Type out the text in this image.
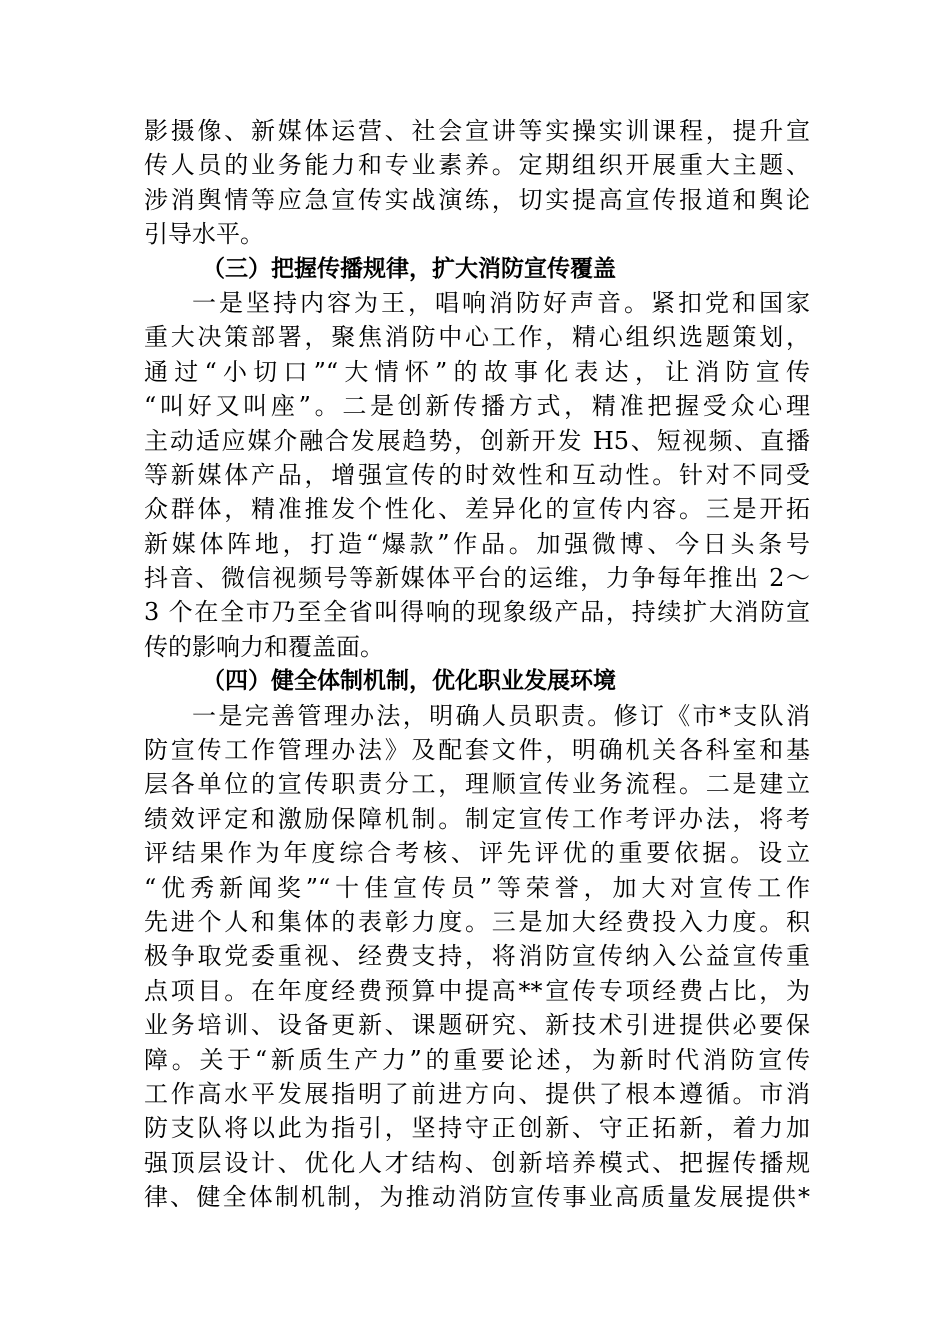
影摄像、新媒体运营、社会宣讲等实操实训课程，提升宣
传人员的业务能力和专业素养。定期组织开展重大主题、
涉消舆情等应急宣传实战演练，切实提高宣传报道和舆论
引导水平。
（三）把握传播规律，扩大消防宣传覆盖
一是坚持内容为王，唱响消防好声音。紧扣党和国家
重大决策部署，聚焦消防中心工作，精心组织选题策划，
通过“小切口”“大情怀”的故事化表达，让消防宣传
“叫好又叫座”。二是创新传播方式，精准把握受众心理
主动适应媒介融合发展趋势，创新开发 H5、短视频、直播
等新媒体产品，增强宣传的时效性和互动性。针对不同受
众群体，精准推发个性化、差异化的宣传内容。三是开拓
新媒体阵地，打造“爆款”作品。加强微博、今日头条号
抖音、微信视频号等新媒体平台的运维，力争每年推出 2～
3 个在全市乃至全省叫得响的现象级产品，持续扩大消防宣
传的影响力和覆盖面。
（四）健全体制机制，优化职业发展环境
一是完善管理办法，明确人员职责。修订《市*支队消
防宣传工作管理办法》及配套文件，明确机关各科室和基
层各单位的宣传职责分工，理顺宣传业务流程。二是建立
绩效评定和激励保障机制。制定宣传工作考评办法，将考
评结果作为年度综合考核、评先评优的重要依据。设立
“优秀新闻奖”“十佳宣传员”等荣誉，加大对宣传工作
先进个人和集体的表彰力度。三是加大经费投入力度。积
极争取党委重视、经费支持，将消防宣传纳入公益宣传重
点项目。在年度经费预算中提高**宣传专项经费占比，为
业务培训、设备更新、课题研究、新技术引进提供必要保
障。关于“新质生产力”的重要论述，为新时代消防宣传
工作高水平发展指明了前进方向、提供了根本遵循。市消
防支队将以此为指引，坚持守正创新、守正拓新，着力加
强顶层设计、优化人才结构、创新培养模式、把握传播规
律、健全体制机制，为推动消防宣传事业高质量发展提供*
